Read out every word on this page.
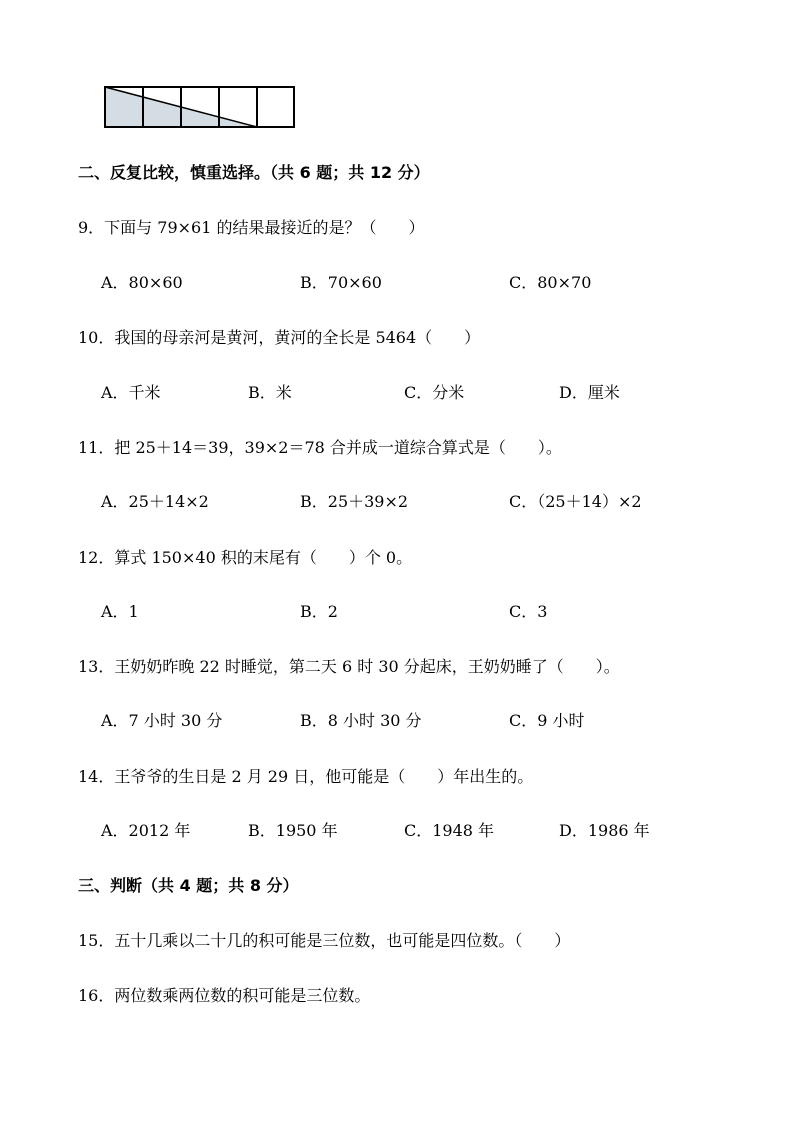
二、反复比较，慎重选择。（共 6 题；共 12 分）
9．下面与 79×61 的结果最接近的是？（　　）
A．80×60	B．70×60	C．80×70
10．我国的母亲河是黄河，黄河的全长是 5464（　　）
A．千米	B．米	C．分米	D．厘米
11．把 25＋14＝39，39×2＝78 合并成一道综合算式是（　　）。
A．25＋14×2	B．25＋39×2	C．（25＋14）×2
12．算式 150×40 积的末尾有（　　）个 0。
A．1	B．2	C．3
13．王奶奶昨晚 22 时睡觉，第二天 6 时 30 分起床，王奶奶睡了（　　）。
A．7 小时 30 分	B．8 小时 30 分	C．9 小时
14．王爷爷的生日是 2 月 29 日，他可能是（　　）年出生的。
A．2012 年	B．1950 年	C．1948 年	D．1986 年
三、判断（共 4 题；共 8 分）
15．五十几乘以二十几的积可能是三位数，也可能是四位数。（　　）
16．两位数乘两位数的积可能是三位数。
